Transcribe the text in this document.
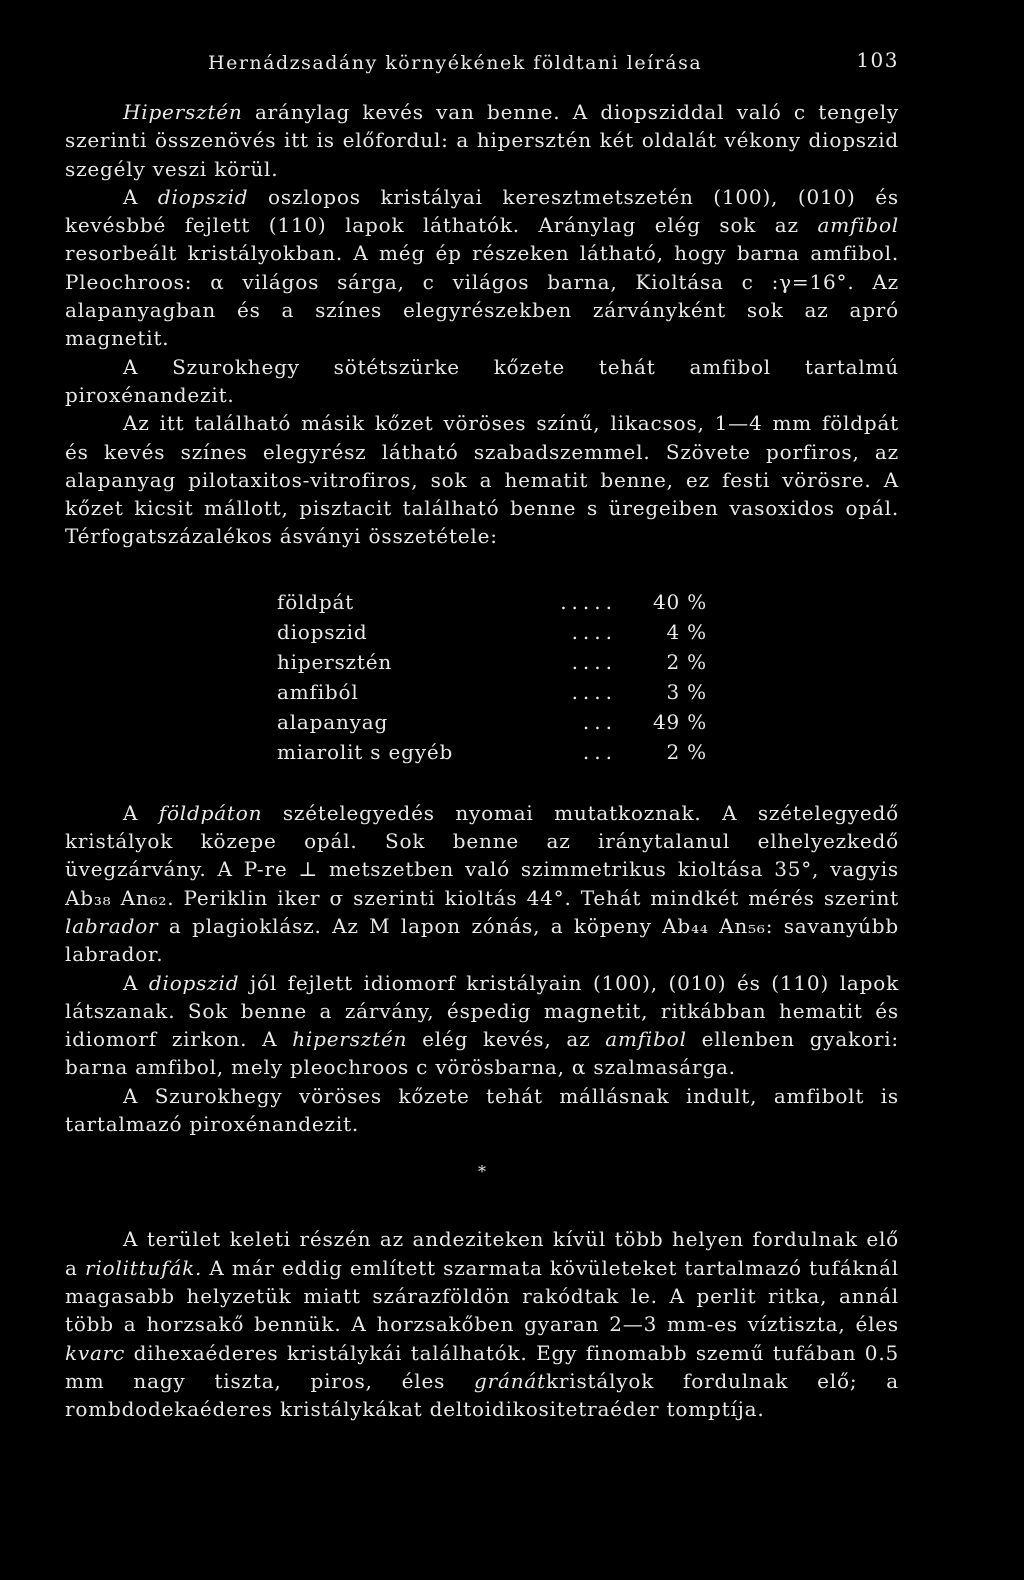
Hernádzsadány környékének földtani leírása	103

Hipersztén aránylag kevés van benne. A diopsziddal való c tengely szerinti összenövés itt is előfordul: a hipersztén két oldalát vékony diopszid szegély veszi körül.

A diopszid oszlopos kristályai keresztmetszetén (100), (010) és kevésbbé fejlett (110) lapok láthatók. Aránylag elég sok az amfibol resorbeált kristályokban. A még ép részeken látható, hogy barna amfibol. Pleochroos: α világos sárga, c világos barna, Kioltása c :γ=16°. Az alapanyagban és a színes elegyrészekben zárványként sok az apró magnetit.

A Szurokhegy sötétszürke kőzete tehát amfibol tartalmú piroxénandezit.

Az itt található másik kőzet vöröses színű, likacsos, 1—4 mm földpát és kevés színes elegyrész látható szabadszemmel. Szövete porfiros, az alapanyag pilotaxitos-vitrofiros, sok a hematit benne, ez festi vörösre. A kőzet kicsit mállott, pisztacit található benne s üregeiben vasoxidos opál. Térfogatszázalékos ásványi összetétele:

földpát	.....	40 %
diopszid	....	4 %
hipersztén	....	2 %
amfiból	....	3 %
alapanyag	...	49 %
miarolit s egyéb	...	2 %

A földpáton szételegyedés nyomai mutatkoznak. A szételegyedő kristályok közepe opál. Sok benne az iránytalanul elhelyezkedő üvegzárvány. A P-re ⊥ metszetben való szimmetrikus kioltása 35°, vagyis Ab₃₈ An₆₂. Periklin iker σ szerinti kioltás 44°. Tehát mindkét mérés szerint labrador a plagioklász. Az M lapon zónás, a köpeny Ab₄₄ An₅₆: savanyúbb labrador.

A diopszid jól fejlett idiomorf kristályain (100), (010) és (110) lapok látszanak. Sok benne a zárvány, éspedig magnetit, ritkábban hematit és idiomorf zirkon. A hipersztén elég kevés, az amfibol ellenben gyakori: barna amfibol, mely pleochroos c vörösbarna, α szalmasárga.

A Szurokhegy vöröses kőzete tehát mállásnak indult, amfibolt is tartalmazó piroxénandezit.

*

A terület keleti részén az andeziteken kívül több helyen fordulnak elő a riolittufák. A már eddig említett szarmata kövületeket tartalmazó tufáknál magasabb helyzetük miatt szárazföldön rakódtak le. A perlit ritka, annál több a horzsakő bennük. A horzsakőben gyaran 2—3 mm-es víztiszta, éles kvarc dihexaéderes kristálykái találhatók. Egy finomabb szemű tufában 0.5 mm nagy tiszta, piros, éles gránátkristályok fordulnak elő; a rombdodekaéderes kristálykákat deltoidikositetraéder tomptíja.
